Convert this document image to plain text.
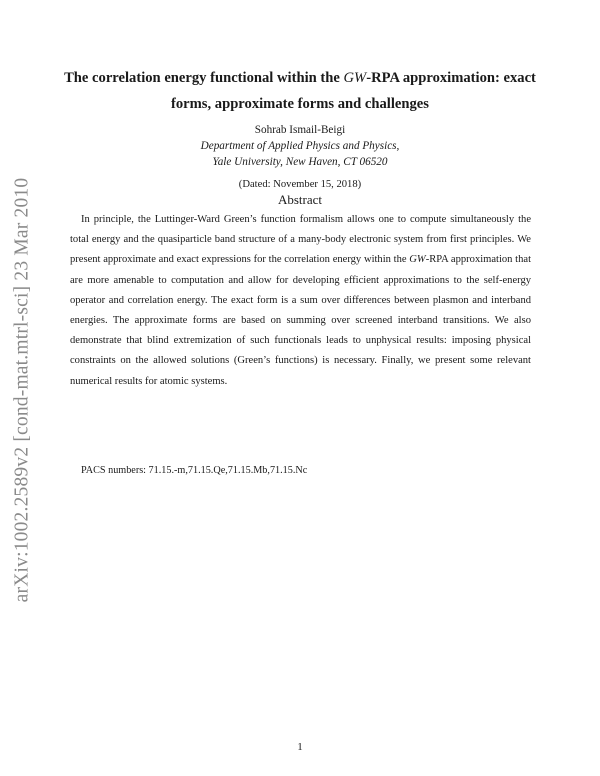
arXiv:1002.2589v2 [cond-mat.mtrl-sci] 23 Mar 2010
The correlation energy functional within the GW-RPA approximation: exact forms, approximate forms and challenges
Sohrab Ismail-Beigi
Department of Applied Physics and Physics,
Yale University, New Haven, CT 06520
(Dated: November 15, 2018)
Abstract

In principle, the Luttinger-Ward Green’s function formalism allows one to compute simultaneously the total energy and the quasiparticle band structure of a many-body electronic system from first principles. We present approximate and exact expressions for the correlation energy within the GW-RPA approximation that are more amenable to computation and allow for developing efficient approximations to the self-energy operator and correlation energy. The exact form is a sum over differences between plasmon and interband energies. The approximate forms are based on summing over screened interband transitions. We also demonstrate that blind extremization of such functionals leads to unphysical results: imposing physical constraints on the allowed solutions (Green’s functions) is necessary. Finally, we present some relevant numerical results for atomic systems.

PACS numbers: 71.15.-m,71.15.Qe,71.15.Mb,71.15.Nc
1
